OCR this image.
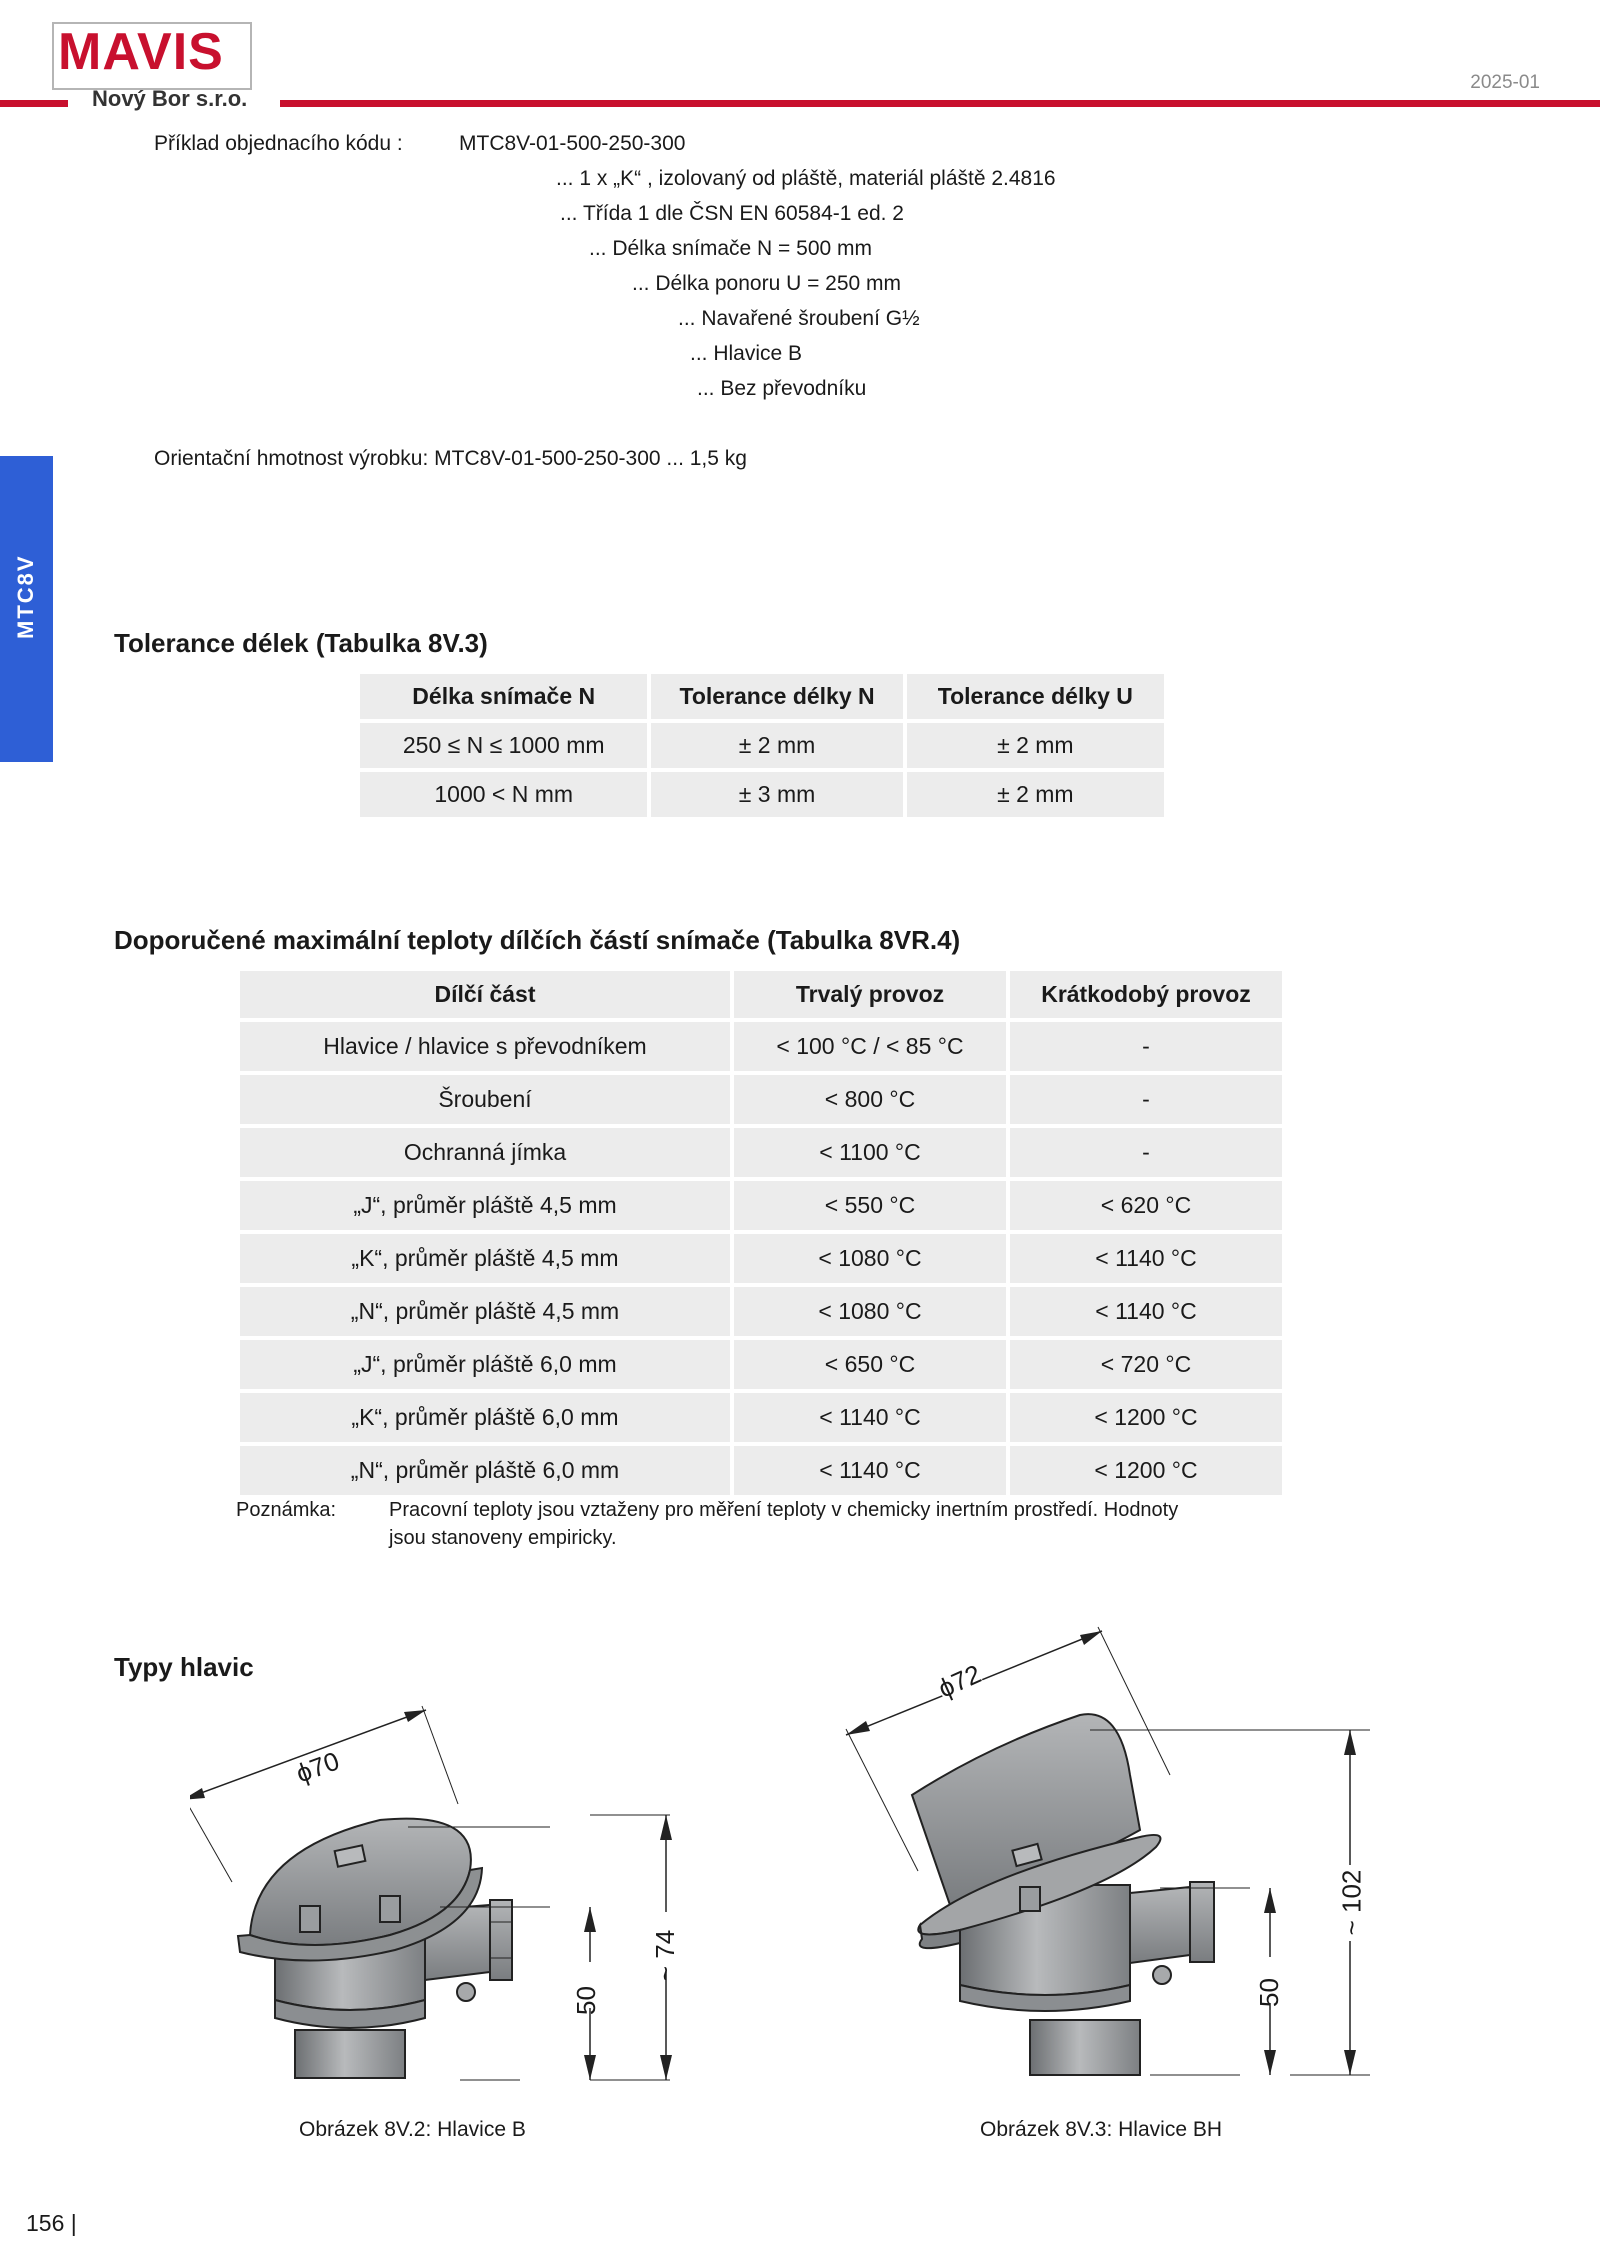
MAVIS
Nový Bor s.r.o.
2025-01
MTC8V
Příklad objednacího kódu :	MTC8V-01-500-250-300
... 1 x „K“ , izolovaný od pláště, materiál pláště 2.4816
... Třída 1 dle ČSN EN 60584-1 ed. 2
... Délka snímače N = 500 mm
... Délka ponoru U = 250 mm
... Navařené šroubení G½
... Hlavice B
... Bez převodníku
Orientační hmotnost výrobku: MTC8V-01-500-250-300 ... 1,5 kg
Tolerance délek (Tabulka 8V.3)
Délka snímače N	Tolerance délky N	Tolerance délky U
250 ≤ N ≤ 1000 mm	± 2 mm	± 2 mm
1000 < N mm	± 3 mm	± 2 mm
Doporučené maximální teploty dílčích částí snímače (Tabulka 8VR.4)
Dílčí část	Trvalý provoz	Krátkodobý provoz
Hlavice / hlavice s převodníkem	< 100 °C / < 85 °C	-
Šroubení	< 800 °C	-
Ochranná jímka	< 1100 °C	-
„J“, průměr pláště 4,5 mm	< 550 °C	< 620 °C
„K“, průměr pláště 4,5 mm	< 1080 °C	< 1140 °C
„N“, průměr pláště 4,5 mm	< 1080 °C	< 1140 °C
„J“, průměr pláště 6,0 mm	< 650 °C	< 720 °C
„K“, průměr pláště 6,0 mm	< 1140 °C	< 1200 °C
„N“, průměr pláště 6,0 mm	< 1140 °C	< 1200 °C
Poznámka:	Pracovní teploty jsou vztaženy pro měření teploty v chemicky inertním prostředí. Hodnoty
jsou stanoveny empiricky.
Typy hlavic
ϕ70
50
~ 74
Obrázek 8V.2: Hlavice B
ϕ72
50
~ 102
Obrázek 8V.3: Hlavice BH
156 |
